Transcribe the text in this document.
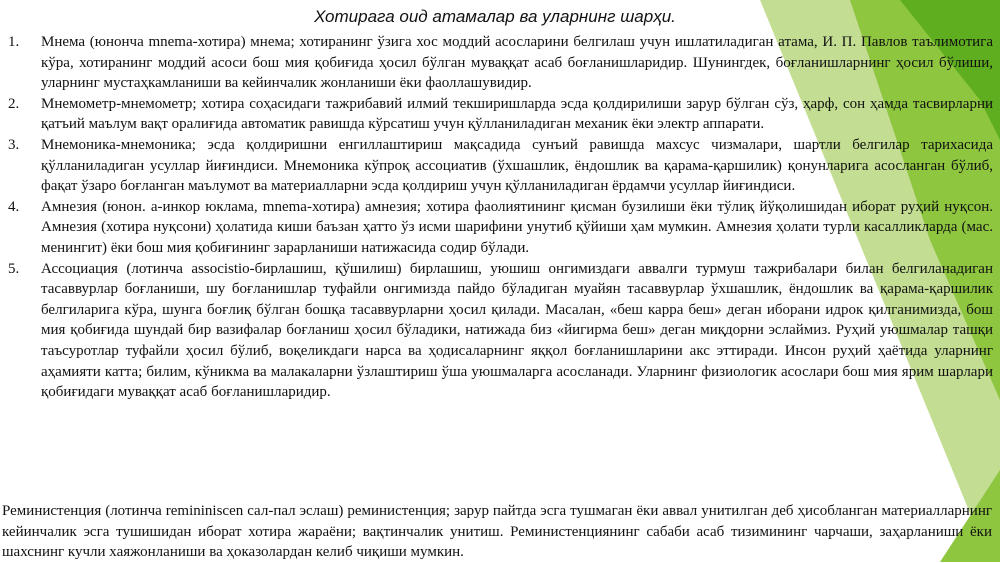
Хотирага оид атамалар ва уларнинг шарҳи.
1. Мнема (юнонча mnema-хотира) мнема; хотиранинг ўзига хос моддий асосларини белгилаш учун ишлатиладиган атама, И. П. Павлов таълимотига кўра, хотиранинг моддий асоси бош мия қобиғида ҳосил бўлган муваққат асаб боғланишларидир. Шунингдек, боғланишларнинг ҳосил бўлиши, уларнинг мустаҳкамланиши ва кейинчалик жонланиши ёки фаоллашувидир.
2. Мнемометр-мнемометр; хотира соҳасидаги тажрибавий илмий текширишларда эсда қолдирилиши зарур бўлган сўз, ҳарф, сон ҳамда тасвирларни қатъий маълум вақт оралиғида автоматик равишда кўрсатиш учун қўлланиладиган механик ёки электр аппарати.
3. Мнемоника-мнемоника; эсда қолдиришни енгиллаштириш мақсадида сунъий равишда махсус чизмалари, шартли белгилар тарихасида қўлланиладиган усуллар йиғиндиси. Мнемоника кўпроқ ассоциатив (ўхшашлик, ёндошлик ва қарама-қаршилик) қонунларига асосланган бўлиб, фақат ўзаро боғланган маълумот ва материалларни эсда қолдириш учун қўлланиладиган ёрдамчи усуллар йиғиндиси.
4. Амнезия (юнон. а-инкор юклама, mnema-хотира) амнезия; хотира фаолиятининг қисман бузилиши ёки тўлиқ йўқолишидан иборат руҳий нуқсон. Амнезия (хотира нуқсони) ҳолатида киши баъзан ҳатто ўз исми шарифини унутиб қўйиши ҳам мумкин. Амнезия ҳолати турли касалликларда (мас. менингит) ёки бош мия қобиғининг зарарланиши натижасида содир бўлади.
5. Ассоциация (лотинча associstio-бирлашиш, қўшилиш) бирлашиш, уюшиш онгимиздаги аввалги турмуш тажрибалари билан белгиланадиган тасаввурлар боғланиши, шу боғланишлар туфайли онгимизда пайдо бўладиган муайян тасаввурлар ўхшашлик, ёндошлик ва қарама-қаршилик белгиларига кўра, шунга боғлиқ бўлган бошқа тасаввурларни ҳосил қилади. Масалан, «беш карра беш» деган иборани идрок қилганимизда, бош мия қобиғида шундай бир вазифалар боғланиш ҳосил бўладики, натижада биз «йигирма беш» деган миқдорни эслаймиз. Руҳий уюшмалар ташқи таъсуротлар туфайли ҳосил бўлиб, воқеликдаги нарса ва ҳодисаларнинг яққол боғланишларини акс эттиради. Инсон руҳий ҳаётида уларнинг аҳамияти катта; билим, кўникма ва малакаларни ўзлаштириш ўша уюшмаларга асосланади. Уларнинг физиологик асослари бош мия ярим шарлари қобиғидаги муваққат асаб боғланишларидир.

Реминистенция (лотинча remininiscen сал-пал эслаш) реминистенция; зарур пайтда эсга тушмаган ёки аввал унитилган деб ҳисобланган материалларнинг кейинчалик эсга тушишидан иборат хотира жараёни; вақтинчалик унитиш. Реминистенциянинг сабаби асаб тизимининг чарчаши, заҳарланиши ёки шахснинг кучли хаяжонланиши ва ҳоказолардан келиб чиқиши мумкин.
